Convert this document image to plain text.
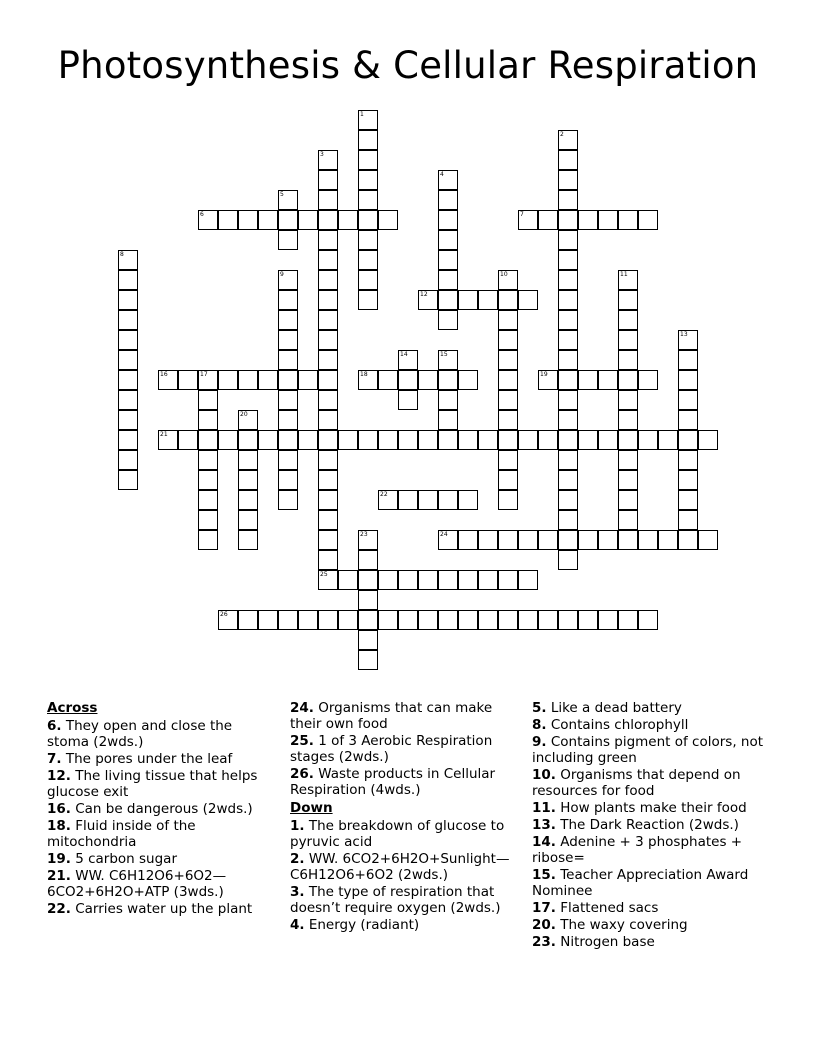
Photosynthesis & Cellular Respiration
6	7
12
16	18	19
21
22
24
25
26
1
2
3
4
5
8
9	10	11
13
14	15
17
20
23
Across
6. They open and close the stoma (2wds.)
7. The pores under the leaf
12. The living tissue that helps glucose exit
16. Can be dangerous (2wds.)
18. Fluid inside of the mitochondria
19. 5 carbon sugar
21. WW. C6H12O6+6O2—6CO2+6H2O+ATP (3wds.)
22. Carries water up the plant
24. Organisms that can make their own food
25. 1 of 3 Aerobic Respiration stages (2wds.)
26. Waste products in Cellular Respiration (4wds.)
Down
1. The breakdown of glucose to pyruvic acid
2. WW. 6CO2+6H2O+Sunlight—C6H12O6+6O2 (2wds.)
3. The type of respiration that doesn’t require oxygen (2wds.)
4. Energy (radiant)
5. Like a dead battery
8. Contains chlorophyll
9. Contains pigment of colors, not including green
10. Organisms that depend on resources for food
11. How plants make their food
13. The Dark Reaction (2wds.)
14. Adenine + 3 phosphates + ribose=
15. Teacher Appreciation Award Nominee
17. Flattened sacs
20. The waxy covering
23. Nitrogen base
